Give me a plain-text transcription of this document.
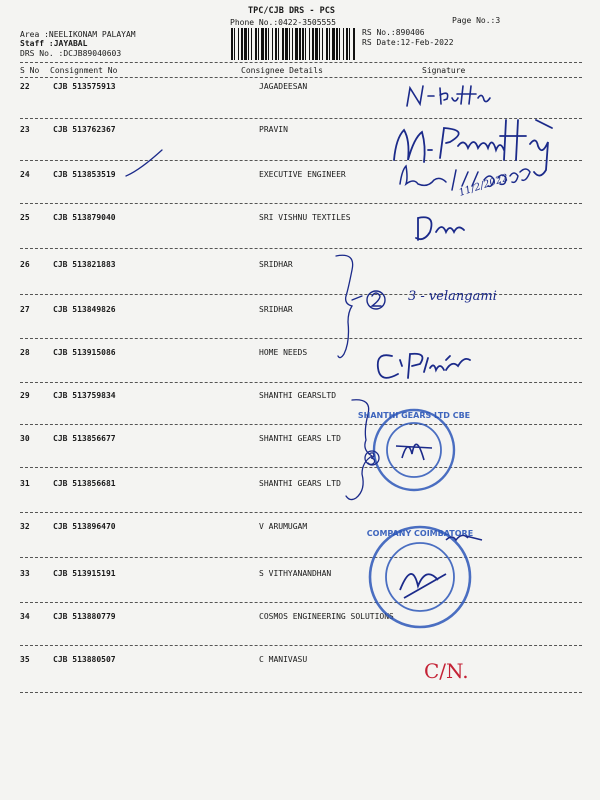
TPC/CJB DRS - PCS
Phone No.:0422-3505555	Page No.:3
Area :NEELIKONAM PALAYAM
Staff :JAYABAL
DRS No. :DCJB89040603
RS No.:890406
RS Date:12-Feb-2022
S No Consignment No	Consignee Details	Signature
22	CJB 513575913	JAGADEESAN
23	CJB 513762367	PRAVIN
24	CJB 513853519	EXECUTIVE ENGINEER
25	CJB 513879040	SRI VISHNU TEXTILES
26	CJB 513821883	SRIDHAR
27	CJB 513849826	SRIDHAR
28	CJB 513915086	HOME NEEDS
29	CJB 513759834	SHANTHI GEARSLTD
30	CJB 513856677	SHANTHI GEARS LTD
31	CJB 513856681	SHANTHI GEARS LTD
32	CJB 513896470	V ARUMUGAM
33	CJB 513915191	S VITHYANANDHAN
34	CJB 513880779	COSMOS ENGINEERING SOLUTIONS
35	CJB 513880507	C MANIVASU
3 - velangami
SHANTHI GEARS LTD CBE
COMPANY COIMBATORE
C/N.
11/2/2022
